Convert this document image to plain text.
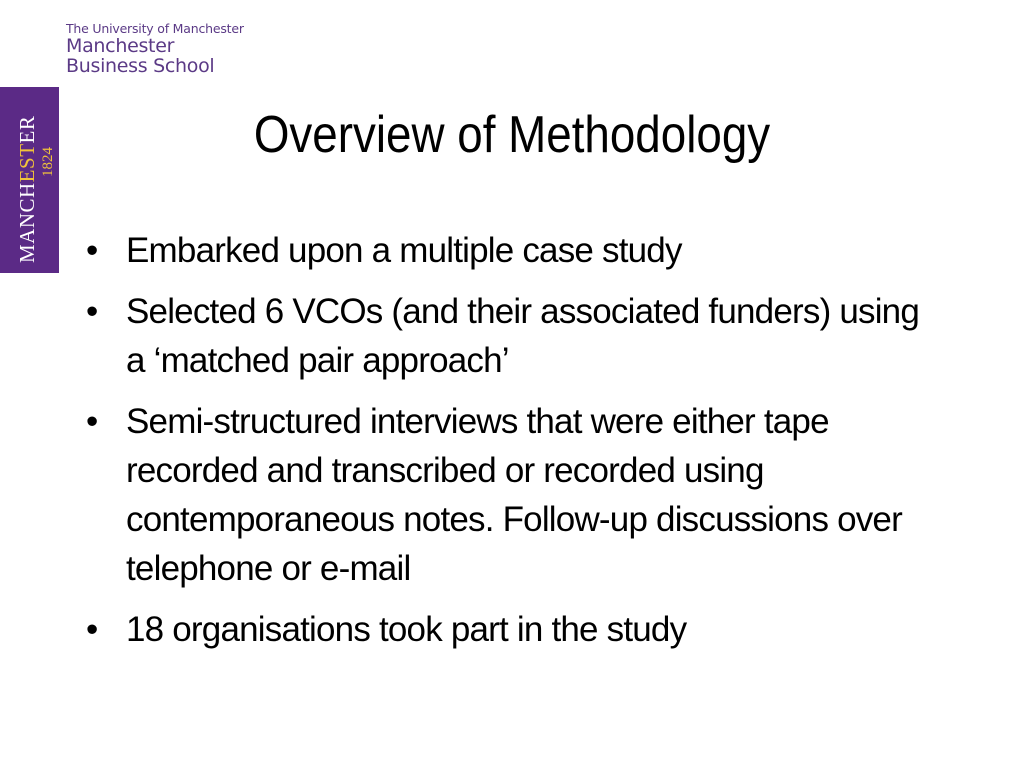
The University of Manchester
Manchester
Business School
MANCHESTER
1824	Overview of Methodology
• Embarked upon a multiple case study
• Selected 6 VCOs (and their associated funders) using a ‘matched pair approach’
• Semi-structured interviews that were either tape recorded and transcribed or recorded using contemporaneous notes. Follow-up discussions over telephone or e-mail
• 18 organisations took part in the study
